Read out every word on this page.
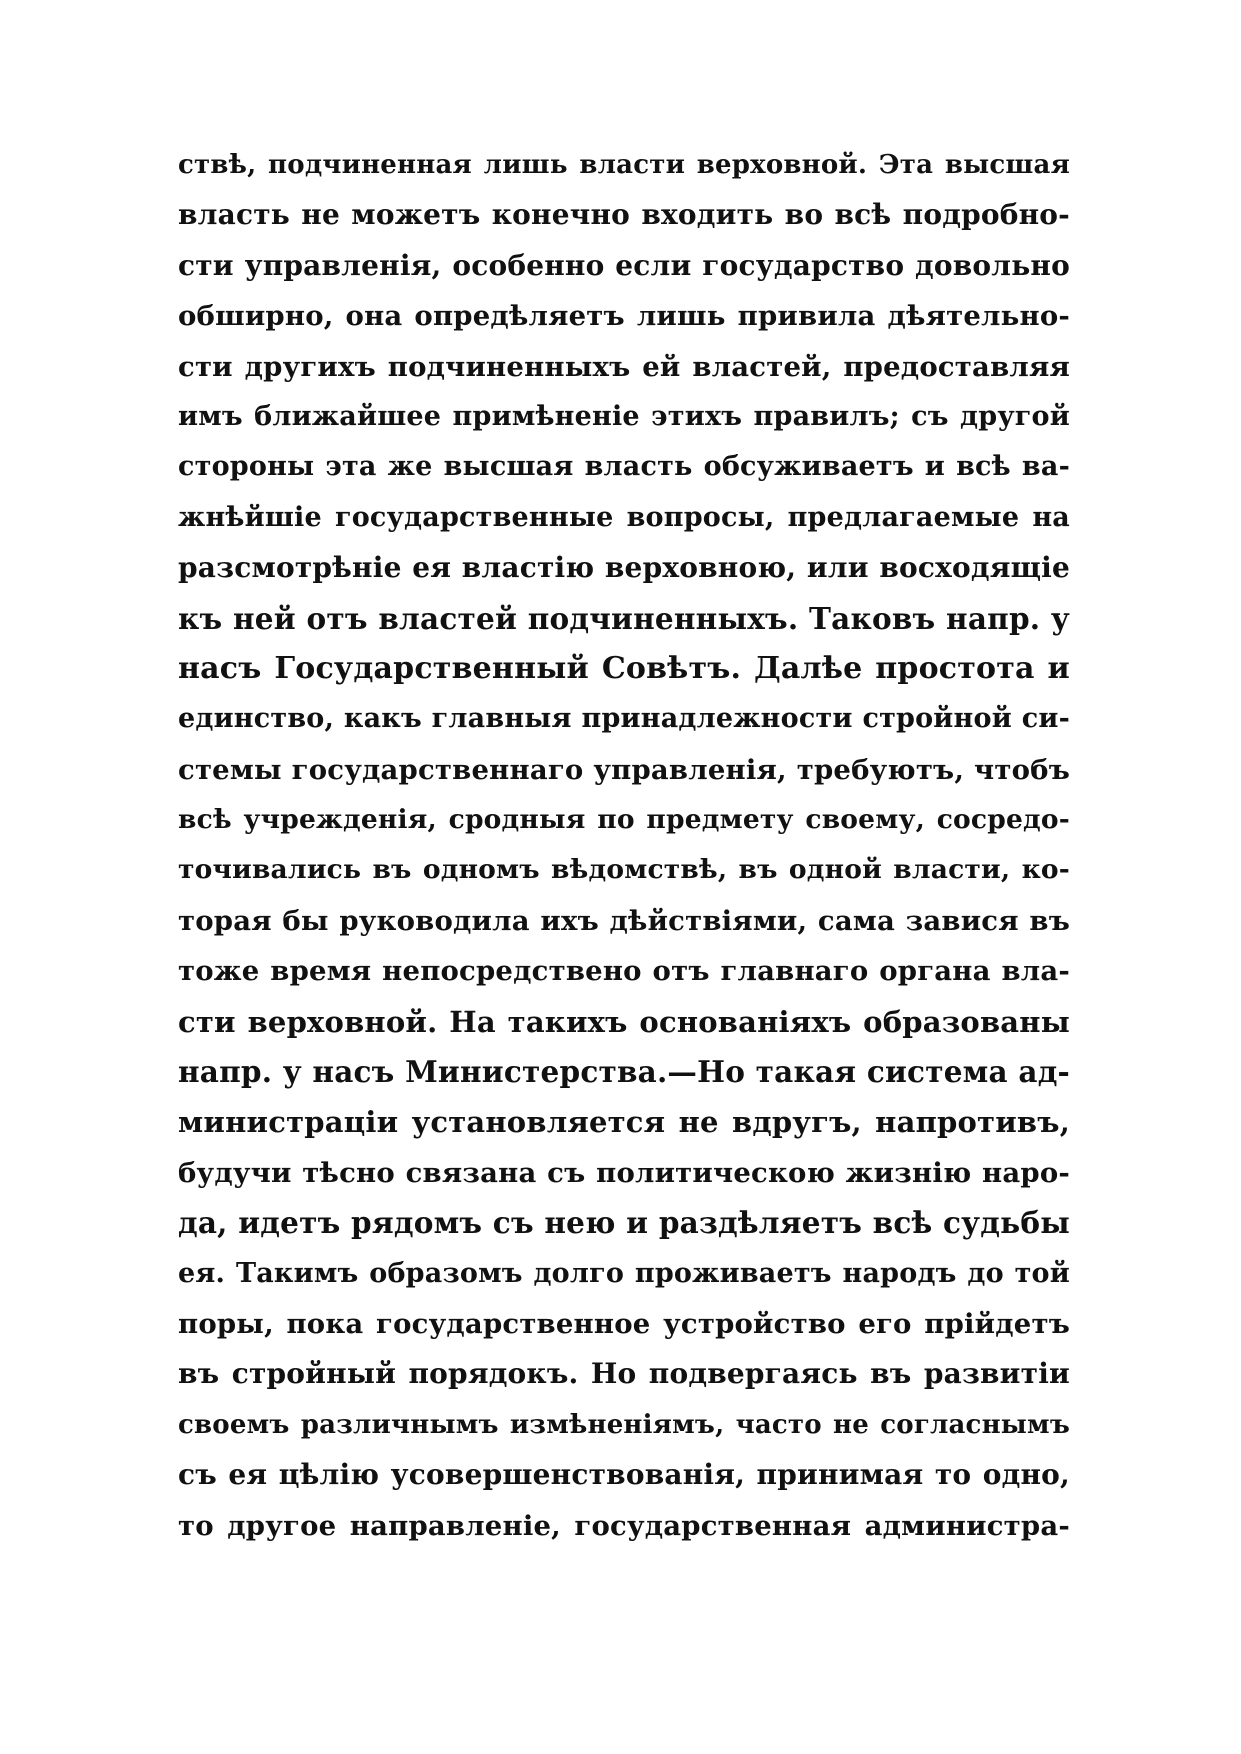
ствѣ, подчиненная лишь власти верховной. Эта высшая
власть не можетъ конечно входить во всѣ подробно-
сти управленія, особенно если государство довольно
обширно, она опредѣляетъ лишь привила дѣятельно-
сти другихъ подчиненныхъ ей властей, предоставляя
имъ ближайшее примѣненіе этихъ правилъ; съ другой
стороны эта же высшая власть обсуживаетъ и всѣ ва-
жнѣйшіе государственные вопросы, предлагаемые на
разсмотрѣніе ея властію верховною, или восходящіе
къ ней отъ властей подчиненныхъ. Таковъ напр. у
насъ Государственный Совѣтъ. Далѣе простота и
единство, какъ главныя принадлежности стройной си-
стемы государственнаго управленія, требуютъ, чтобъ
всѣ учрежденія, сродныя по предмету своему, сосредо-
точивались въ одномъ вѣдомствѣ, въ одной власти, ко-
торая бы руководила ихъ дѣйствіями, сама завися въ
тоже время непосредствено отъ главнаго органа вла-
сти верховной. На такихъ основаніяхъ образованы
напр. у насъ Министерства.—Но такая система ад-
министраціи установляется не вдругъ, напротивъ,
будучи тѣсно связана съ политическою жизнію наро-
да, идетъ рядомъ съ нею и раздѣляетъ всѣ судьбы
ея. Такимъ образомъ долго проживаетъ народъ до той
поры, пока государственное устройство его прійдетъ
въ стройный порядокъ. Но подвергаясь въ развитіи
своемъ различнымъ измѣненіямъ, часто не согласнымъ
съ ея цѣлію усовершенствованія, принимая то одно,
то другое направленіе, государственная администра-
